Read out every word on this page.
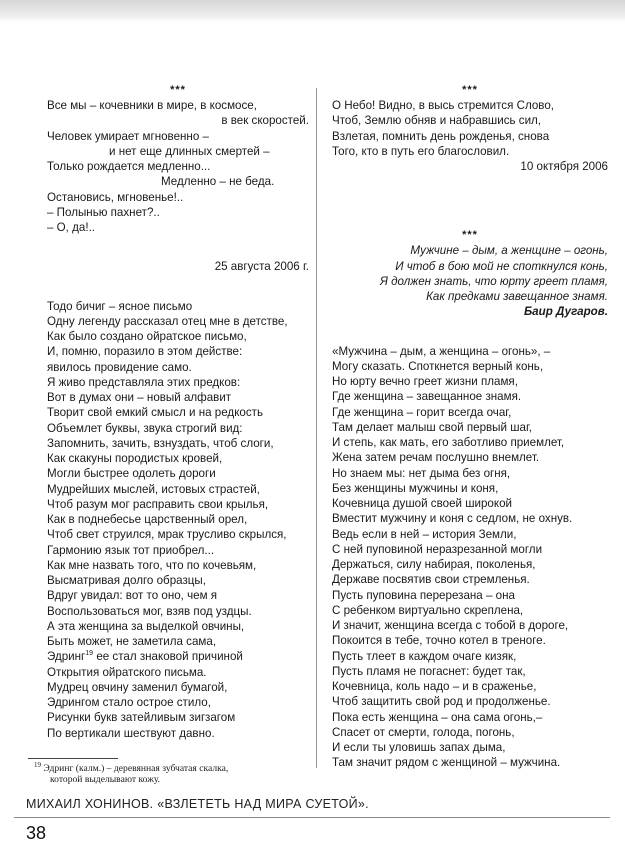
***
Все мы – кочевники в мире, в космосе,
в век скоростей.
Человек умирает мгновенно –
и нет еще длинных смертей –
Только рождается медленно...
Медленно – не беда.
Остановись, мгновенье!..
– Полынью пахнет?..
– О, да!..
25 августа 2006 г.
Тодо бичиг – ясное письмо
Одну легенду рассказал отец мне в детстве,
Как было создано ойратское письмо,
И, помню, поразило в этом действе:
явилось провидение само.
Я живо представляла этих предков:
Вот в думах они – новый алфавит
Творит свой емкий смысл и на редкость
Объемлет буквы, звука строгий вид:
Запомнить, зачить, взнуздать, чтоб слоги,
Как скакуны породистых кровей,
Могли быстрее одолеть дороги
Мудрейших мыслей, истовых страстей,
Чтоб разум мог расправить свои крылья,
Как в поднебесье царственный орел,
Чтоб свет струился, мрак трусливо скрылся,
Гармонию язык тот приобрел...
Как мне назвать того, что по кочевьям,
Высматривая долго образцы,
Вдруг увидал: вот то оно, чем я
Воспользоваться мог, взяв под уздцы.
А эта женщина за выделкой овчины,
Быть может, не заметила сама,
Эдринг$^{19}$ ее стал знаковой причиной
Открытия ойратского письма.
Мудрец овчину заменил бумагой,
Эдрингом стало острое стило,
Рисунки букв затейливым зигзагом
По вертикали шествуют давно.
***
О Небо! Видно, в высь стремится Слово,
Чтоб, Землю обняв и набравшись сил,
Взлетая, помнить день рожденья, снова
Того, кто в путь его благословил.
10 октября 2006
***
Мужчине – дым, а женщине – огонь,
И чтоб в бою мой не споткнулся конь,
Я должен знать, что юрту греет пламя,
Как предками завещанное знамя.
Баир Дугаров.
«Мужчина – дым, а женщина – огонь», –
Могу сказать. Споткнется верный конь,
Но юрту вечно греет жизни пламя,
Где женщина – завещанное знамя.
Где женщина – горит всегда очаг,
Там делает малыш свой первый шаг,
И степь, как мать, его заботливо приемлет,
Жена затем речам послушно внемлет.
Но знаем мы: нет дыма без огня,
Без женщины мужчины и коня,
Кочевница душой своей широкой
Вместит мужчину и коня с седлом, не охнув.
Ведь если в ней – история Земли,
С ней пуповиной неразрезанной могли
Держаться, силу набирая, поколенья,
Державе посвятив свои стремленья.
Пусть пуповина перерезана – она
С ребенком виртуально скреплена,
И значит, женщина всегда с тобой в дороге,
Покоится в тебе, точно котел в треноге.
Пусть тлеет в каждом очаге кизяк,
Пусть пламя не погаснет: будет так,
Кочевница, коль надо – и в сраженье,
Чтоб защитить свой род и продолженье.
Пока есть женщина – она сама огонь,–
Спасет от смерти, голода, погонь,
И если ты уловишь запах дыма,
Там значит рядом с женщиной – мужчина.
$^{19}$ Эдринг (калм.) – деревянная зубчатая скалка,
которой выделывают кожу.
МИХАИЛ ХОНИНОВ. «ВЗЛЕТЕТЬ НАД МИРА СУЕТОЙ».
38
